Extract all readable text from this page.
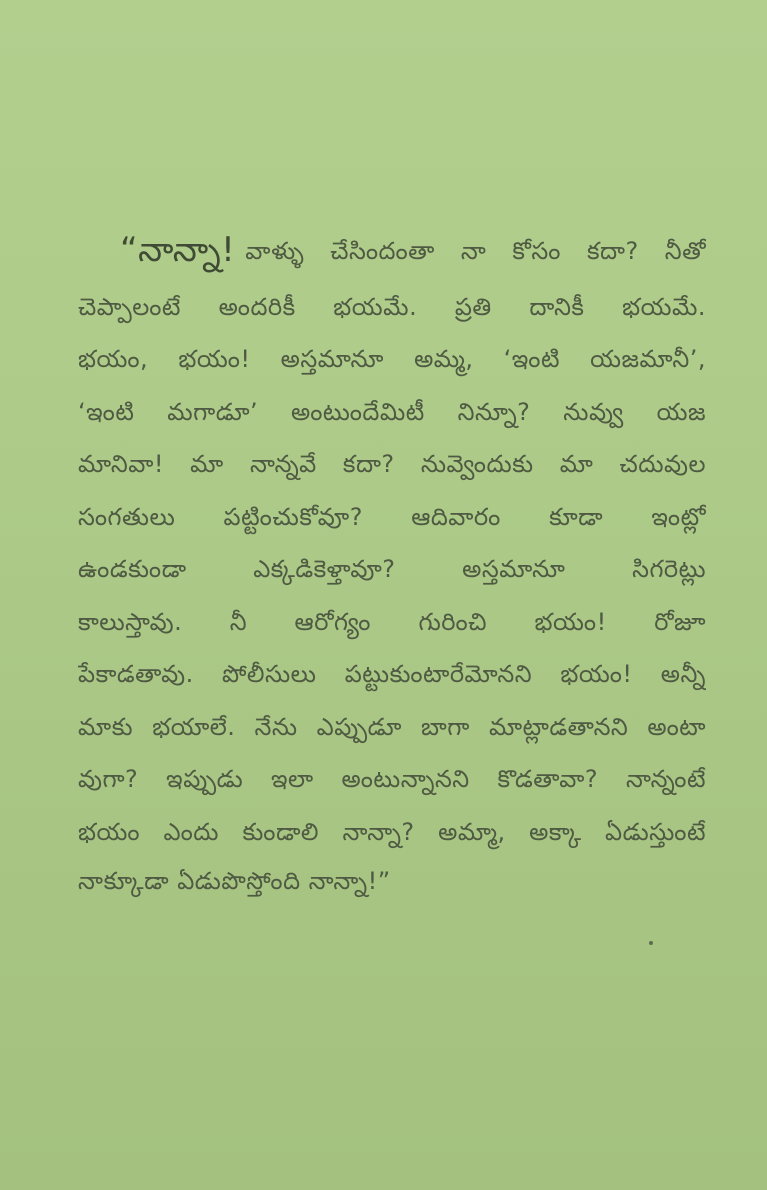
“నాన్నా! వాళ్ళు చేసిందంతా నా కోసం కదా? నీతో
చెప్పాలంటే అందరికీ భయమే. ప్రతి దానికీ భయమే.
భయం, భయం! అస్తమానూ అమ్మ, ‘ఇంటి యజమానీ’,
‘ఇంటి మగాడూ’ అంటుందేమిటీ నిన్నూ? నువ్వు యజ
మానివా! మా నాన్నవే కదా? నువ్వెందుకు మా చదువుల
సంగతులు పట్టించుకోవూ? ఆదివారం కూడా ఇంట్లో
ఉండకుండా ఎక్కడికెళ్తావూ? అస్తమానూ సిగరెట్లు
కాలుస్తావు. నీ ఆరోగ్యం గురించి భయం! రోజూ
పేకాడతావు. పోలీసులు పట్టుకుంటారేమోనని భయం! అన్నీ
మాకు భయాలే. నేను ఎప్పుడూ బాగా మాట్లాడతానని అంటా
వుగా? ఇప్పుడు ఇలా అంటున్నానని కొడతావా? నాన్నంటే
భయం ఎందు కుండాలి నాన్నా? అమ్మా, అక్కా ఏడుస్తుంటే
నాక్కూడా ఏడుపొస్తోంది నాన్నా!”
